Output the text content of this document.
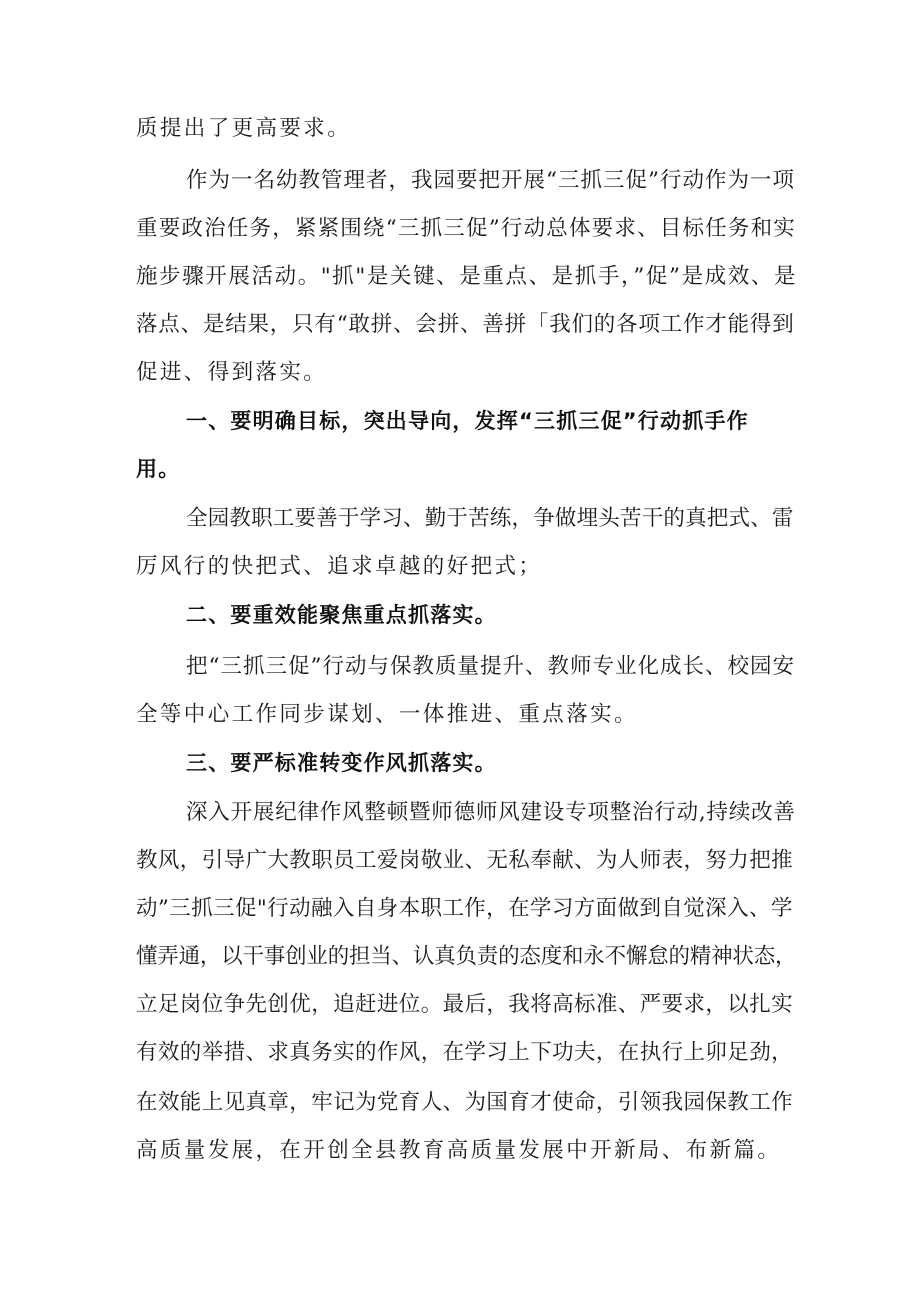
质提出了更高要求。
作为一名幼教管理者，我园要把开展“三抓三促”行动作为一项
重要政治任务，紧紧围绕“三抓三促”行动总体要求、目标任务和实
施步骤开展活动。"抓"是关键、是重点、是抓手，”促”是成效、是
落点、是结果，只有“敢拼、会拼、善拼「我们的各项工作才能得到
促进、得到落实。
一、要明确目标，突出导向，发挥“三抓三促”行动抓手作
用。
全园教职工要善于学习、勤于苦练，争做埋头苦干的真把式、雷
厉风行的快把式、追求卓越的好把式；
二、要重效能聚焦重点抓落实。
把“三抓三促”行动与保教质量提升、教师专业化成长、校园安
全等中心工作同步谋划、一体推进、重点落实。
三、要严标准转变作风抓落实。
深入开展纪律作风整顿暨师德师风建设专项整治行动,持续改善
教风，引导广大教职员工爱岗敬业、无私奉献、为人师表，努力把推
动”三抓三促"行动融入自身本职工作，在学习方面做到自觉深入、学
懂弄通，以干事创业的担当、认真负责的态度和永不懈怠的精神状态，
立足岗位争先创优，追赶进位。最后，我将高标准、严要求，以扎实
有效的举措、求真务实的作风，在学习上下功夫，在执行上卯足劲，
在效能上见真章，牢记为党育人、为国育才使命，引领我园保教工作
高质量发展，在开创全县教育高质量发展中开新局、布新篇。
